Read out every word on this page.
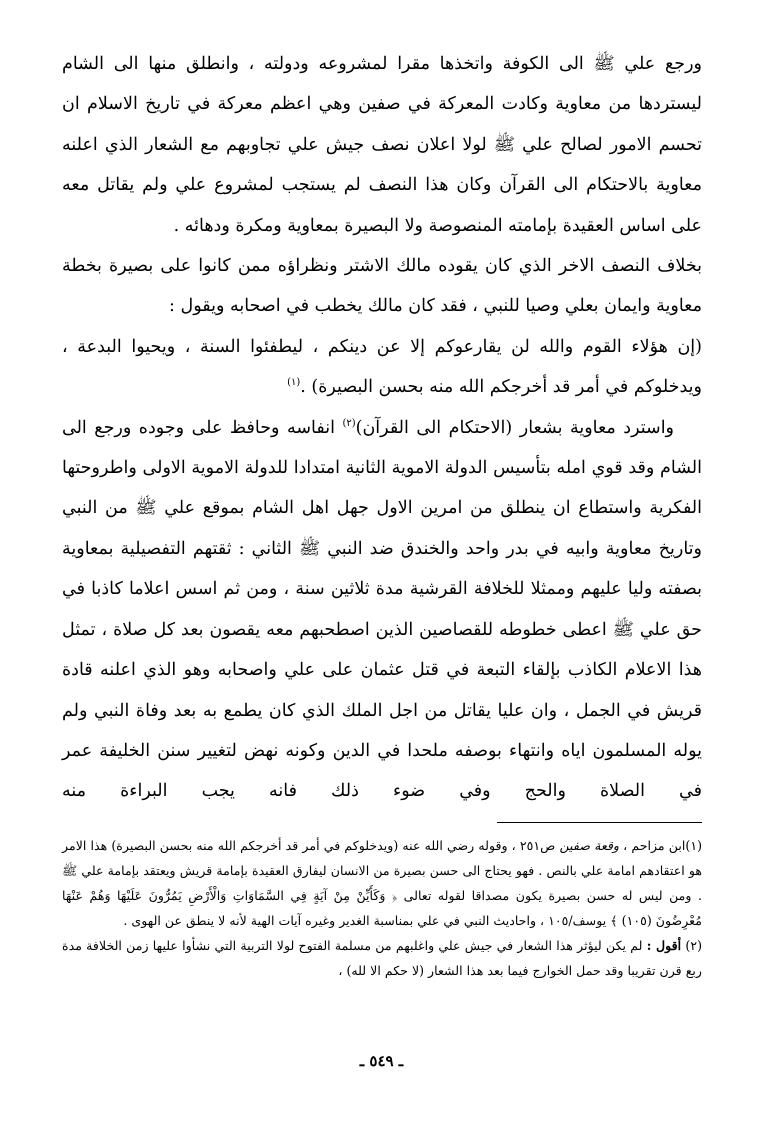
ورجع علي ﷺ الى الكوفة واتخذها مقرا لمشروعه ودولته ، وانطلق منها الى الشام ليستردها من معاوية وكادت المعركة في صفين وهي اعظم معركة في تاريخ الاسلام ان تحسم الامور لصالح علي ﷺ لولا اعلان نصف جيش علي تجاوبهم مع الشعار الذي اعلنه معاوية بالاحتكام الى القرآن وكان هذا النصف لم يستجب لمشروع علي ولم يقاتل معه على اساس العقيدة بإمامته المنصوصة ولا البصيرة بمعاوية ومكرة ودهائه .

بخلاف النصف الاخر الذي كان يقوده مالك الاشتر ونظراؤه ممن كانوا على بصيرة بخطة معاوية وايمان بعلي وصيا للنبي ، فقد كان مالك يخطب في اصحابه ويقول :

(إن هؤلاء القوم والله لن يقارعوكم إلا عن دينكم ، ليطفئوا السنة ، ويحيوا البدعة ، ويدخلوكم في أمر قد أخرجكم الله منه بحسن البصيرة) .$^{(١)}$

واسترد معاوية بشعار (الاحتكام الى القرآن)$^{(٢)}$ انفاسه وحافظ على وجوده ورجع الى الشام وقد قوي امله بتأسيس الدولة الاموية الثانية امتدادا للدولة الاموية الاولى واطروحتها الفكرية واستطاع ان ينطلق من امرين الاول جهل اهل الشام بموقع علي ﷺ من النبي وتاريخ معاوية وابيه في بدر واحد والخندق ضد النبي ﷺ الثاني : ثقتهم التفصيلية بمعاوية بصفته وليا عليهم وممثلا للخلافة القرشية مدة ثلاثين سنة ، ومن ثم اسس اعلاما كاذبا في حق علي ﷺ اعطى خطوطه للقصاصين الذين اصطحبهم معه يقصون بعد كل صلاة ، تمثل هذا الاعلام الكاذب بإلقاء التبعة في قتل عثمان على علي واصحابه وهو الذي اعلنه قادة قريش في الجمل ، وان عليا يقاتل من اجل الملك الذي كان يطمع به بعد وفاة النبي ولم يوله المسلمون اياه وانتهاء بوصفه ملحدا في الدين وكونه نهض لتغيير سنن الخليفة عمر في الصلاة والحج وفي ضوء ذلك فانه يجب البراءة منه

(١)ابن مزاحم ، وقعة صفين ص٢٥١ ، وقوله رضي الله عنه (ويدخلوكم في أمر قد أخرجكم الله منه بحسن البصيرة) هذا الامر هو اعتقادهم امامة علي بالنص . فهو يحتاج الى حسن بصيرة من الانسان ليفارق العقيدة بإمامة قريش ويعتقد بإمامة علي ﷺ . ومن ليس له حسن بصيرة يكون مصداقا لقوله تعالى ﴿ وَكَأَيِّنْ مِنْ آيَةٍ فِي السَّمَاوَاتِ وَالْأَرْضِ يَمُرُّونَ عَلَيْهَا وَهُمْ عَنْهَا مُعْرِضُونَ (١٠٥) ﴾ يوسف/١٠٥ ، واحاديث النبي في علي بمناسبة الغدير وغيره آيات الهية لأنه لا ينطق عن الهوى .

(٢) أقول : لم يكن ليؤثر هذا الشعار في جيش علي واغلبهم من مسلمة الفتوح لولا التربية التي نشأوا عليها زمن الخلافة مدة ربع قرن تقريبا وقد حمل الخوارج فيما بعد هذا الشعار (لا حكم الا لله) ،

ـ ٥٤٩ ـ
